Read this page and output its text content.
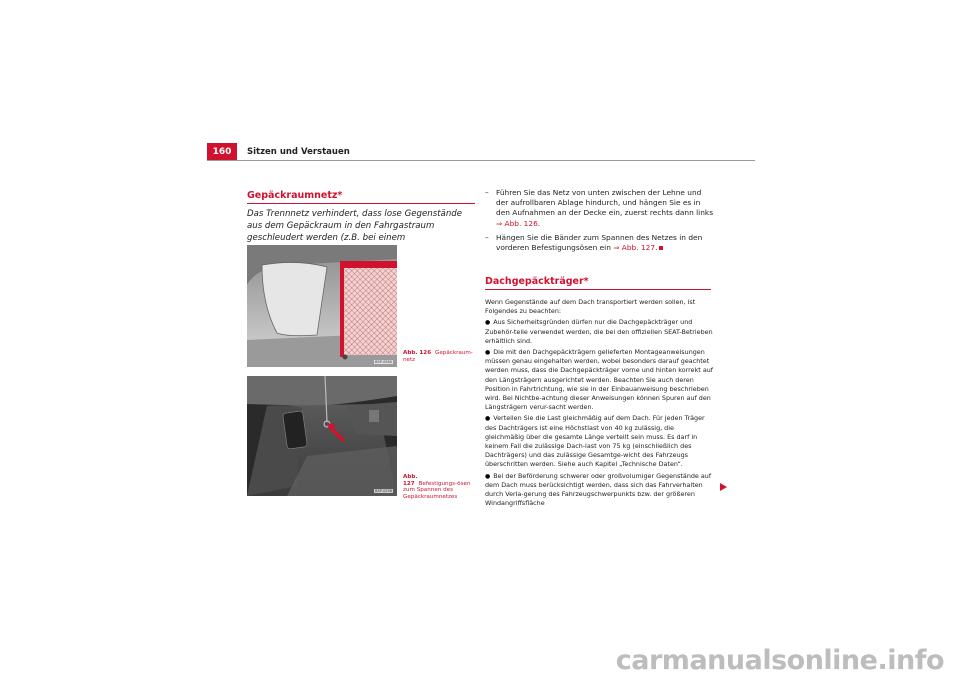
160	Sitzen und Verstauen
Gepäckraumnetz*
Das Trennnetz verhindert, dass lose Gegenstände aus dem Gepäckraum in den Fahrgastraum geschleudert werden (z.B. bei einem
B5P-0560
Abb. 126 Gepäckraum-netz
B5P-0298
Abb. 127 Befestigungs-ösen zum Spannen des Gepäckraumnetzes
– Führen Sie das Netz von unten zwischen der Lehne und der aufrollbaren Ablage hindurch, und hängen Sie es in den Aufnahmen an der Decke ein, zuerst rechts dann links ⇒ Abb. 126.
– Hängen Sie die Bänder zum Spannen des Netzes in den vorderen Befestigungsösen ein ⇒ Abb. 127.
Dachgepäckträger*
Wenn Gegenstände auf dem Dach transportiert werden sollen, ist Folgendes zu beachten:
● Aus Sicherheitsgründen dürfen nur die Dachgepäckträger und Zubehör-teile verwendet werden, die bei den offiziellen SEAT-Betrieben erhältlich sind.
● Die mit den Dachgepäckträgern gelieferten Montageanweisungen müssen genau eingehalten werden, wobei besonders darauf geachtet werden muss, dass die Dachgepäckträger vorne und hinten korrekt auf den Längsträgern ausgerichtet werden. Beachten Sie auch deren Position in Fahrtrichtung, wie sie in der Einbauanweisung beschrieben wird. Bei Nichtbe-achtung dieser Anweisungen können Spuren auf den Längsträgern verur-sacht werden.
● Verteilen Sie die Last gleichmäßig auf dem Dach. Für jeden Träger des Dachträgers ist eine Höchstlast von 40 kg zulässig, die gleichmäßig über die gesamte Länge verteilt sein muss. Es darf in keinem Fall die zulässige Dach-last von 75 kg (einschließlich des Dachträgers) und das zulässige Gesamtge-wicht des Fahrzeugs überschritten werden. Siehe auch Kapitel „Technische Daten“.
● Bei der Beförderung schwerer oder großvolumiger Gegenstände auf dem Dach muss berücksichtigt werden, dass sich das Fahrverhalten durch Verla-gerung des Fahrzeugschwerpunkts bzw. der größeren Windangriffsfläche
carmanualsonline.info
